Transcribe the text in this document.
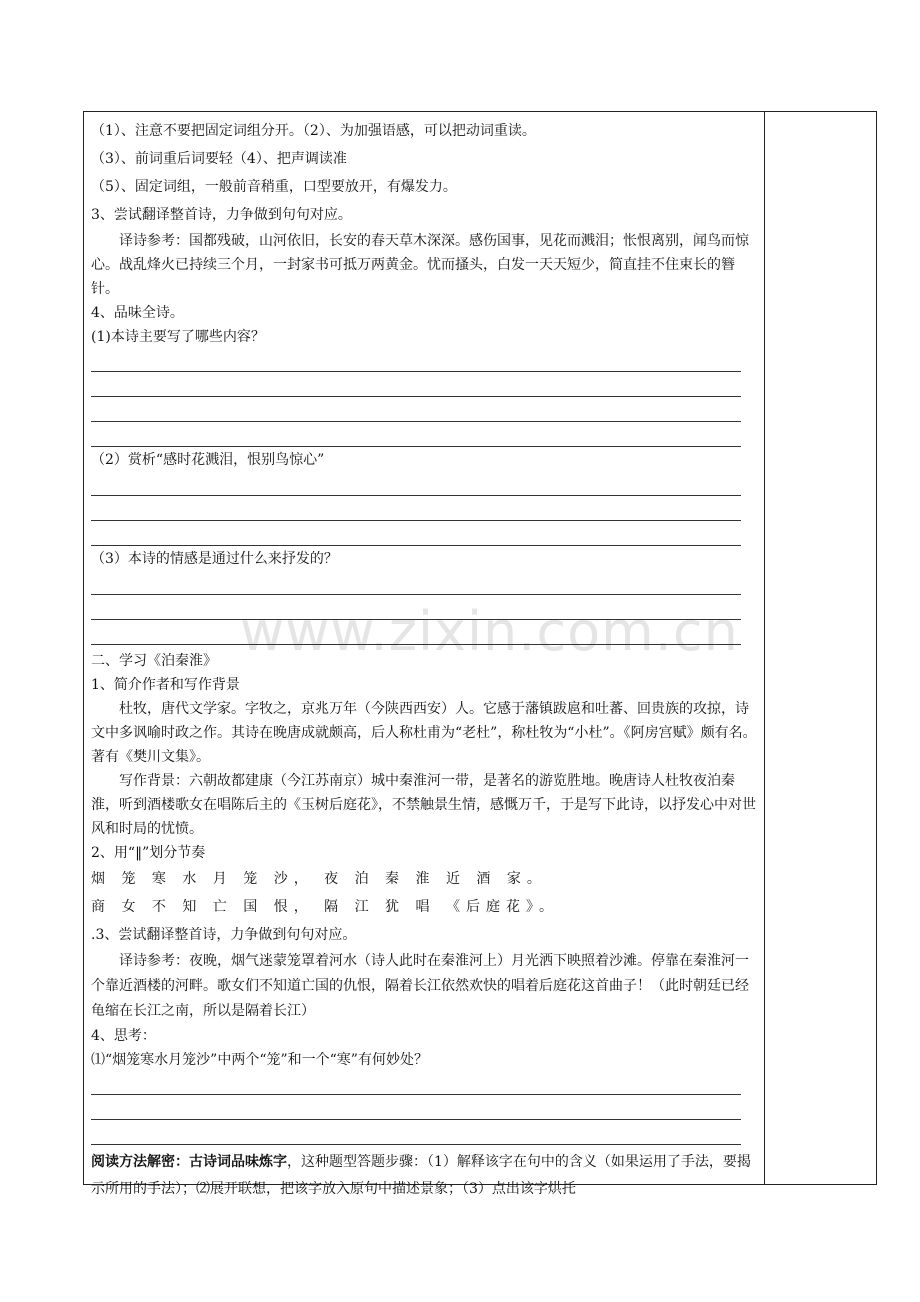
www.zixin.com.cn
（1）、注意不要把固定词组分开。（2）、为加强语感，可以把动词重读。
（3）、前词重后词要轻（4）、把声调读准
（5）、固定词组，一般前音稍重，口型要放开，有爆发力。
3、尝试翻译整首诗，力争做到句句对应。
译诗参考：国都残破，山河依旧，长安的春天草木深深。感伤国事，见花而溅泪；怅恨离别，闻鸟而惊心。战乱烽火已持续三个月，一封家书可抵万两黄金。忧而搔头，白发一天天短少，简直挂不住束长的簪针。
4、品味全诗。
(1)本诗主要写了哪些内容？
（2）赏析“感时花溅泪，恨别鸟惊心”
（3）本诗的情感是通过什么来抒发的？
二、学习《泊秦淮》
1、简介作者和写作背景
杜牧，唐代文学家。字牧之，京兆万年（今陕西西安）人。它感于藩镇跋扈和吐蕃、回贵族的攻掠，诗文中多讽喻时政之作。其诗在晚唐成就颇高，后人称杜甫为“老杜”，称杜牧为“小杜”。《阿房宫赋》颇有名。著有《樊川文集》。
写作背景：六朝故都建康（今江苏南京）城中秦淮河一带，是著名的游览胜地。晚唐诗人杜牧夜泊秦淮，听到酒楼歌女在唱陈后主的《玉树后庭花》，不禁触景生情，感慨万千，于是写下此诗，以抒发心中对世风和时局的忧愤。
2、用“‖”划分节奏
烟 笼 寒 水 月 笼 沙， 夜 泊 秦 淮 近 酒 家。
商 女 不 知 亡 国 恨， 隔 江 犹 唱 《后庭花》。
.3、尝试翻译整首诗，力争做到句句对应。
译诗参考：夜晚，烟气迷蒙笼罩着河水（诗人此时在秦淮河上）月光洒下映照着沙滩。停靠在秦淮河一个靠近酒楼的河畔。歌女们不知道亡国的仇恨，隔着长江依然欢快的唱着后庭花这首曲子！（此时朝廷已经龟缩在长江之南，所以是隔着长江）
4、思考：
⑴“烟笼寒水月笼沙”中两个“笼”和一个“寒”有何妙处？
阅读方法解密：古诗词品味炼字，这种题型答题步骤：（1）解释该字在句中的含义（如果运用了手法，要揭示所用的手法）；⑵展开联想，把该字放入原句中描述景象；（3）点出该字烘托
